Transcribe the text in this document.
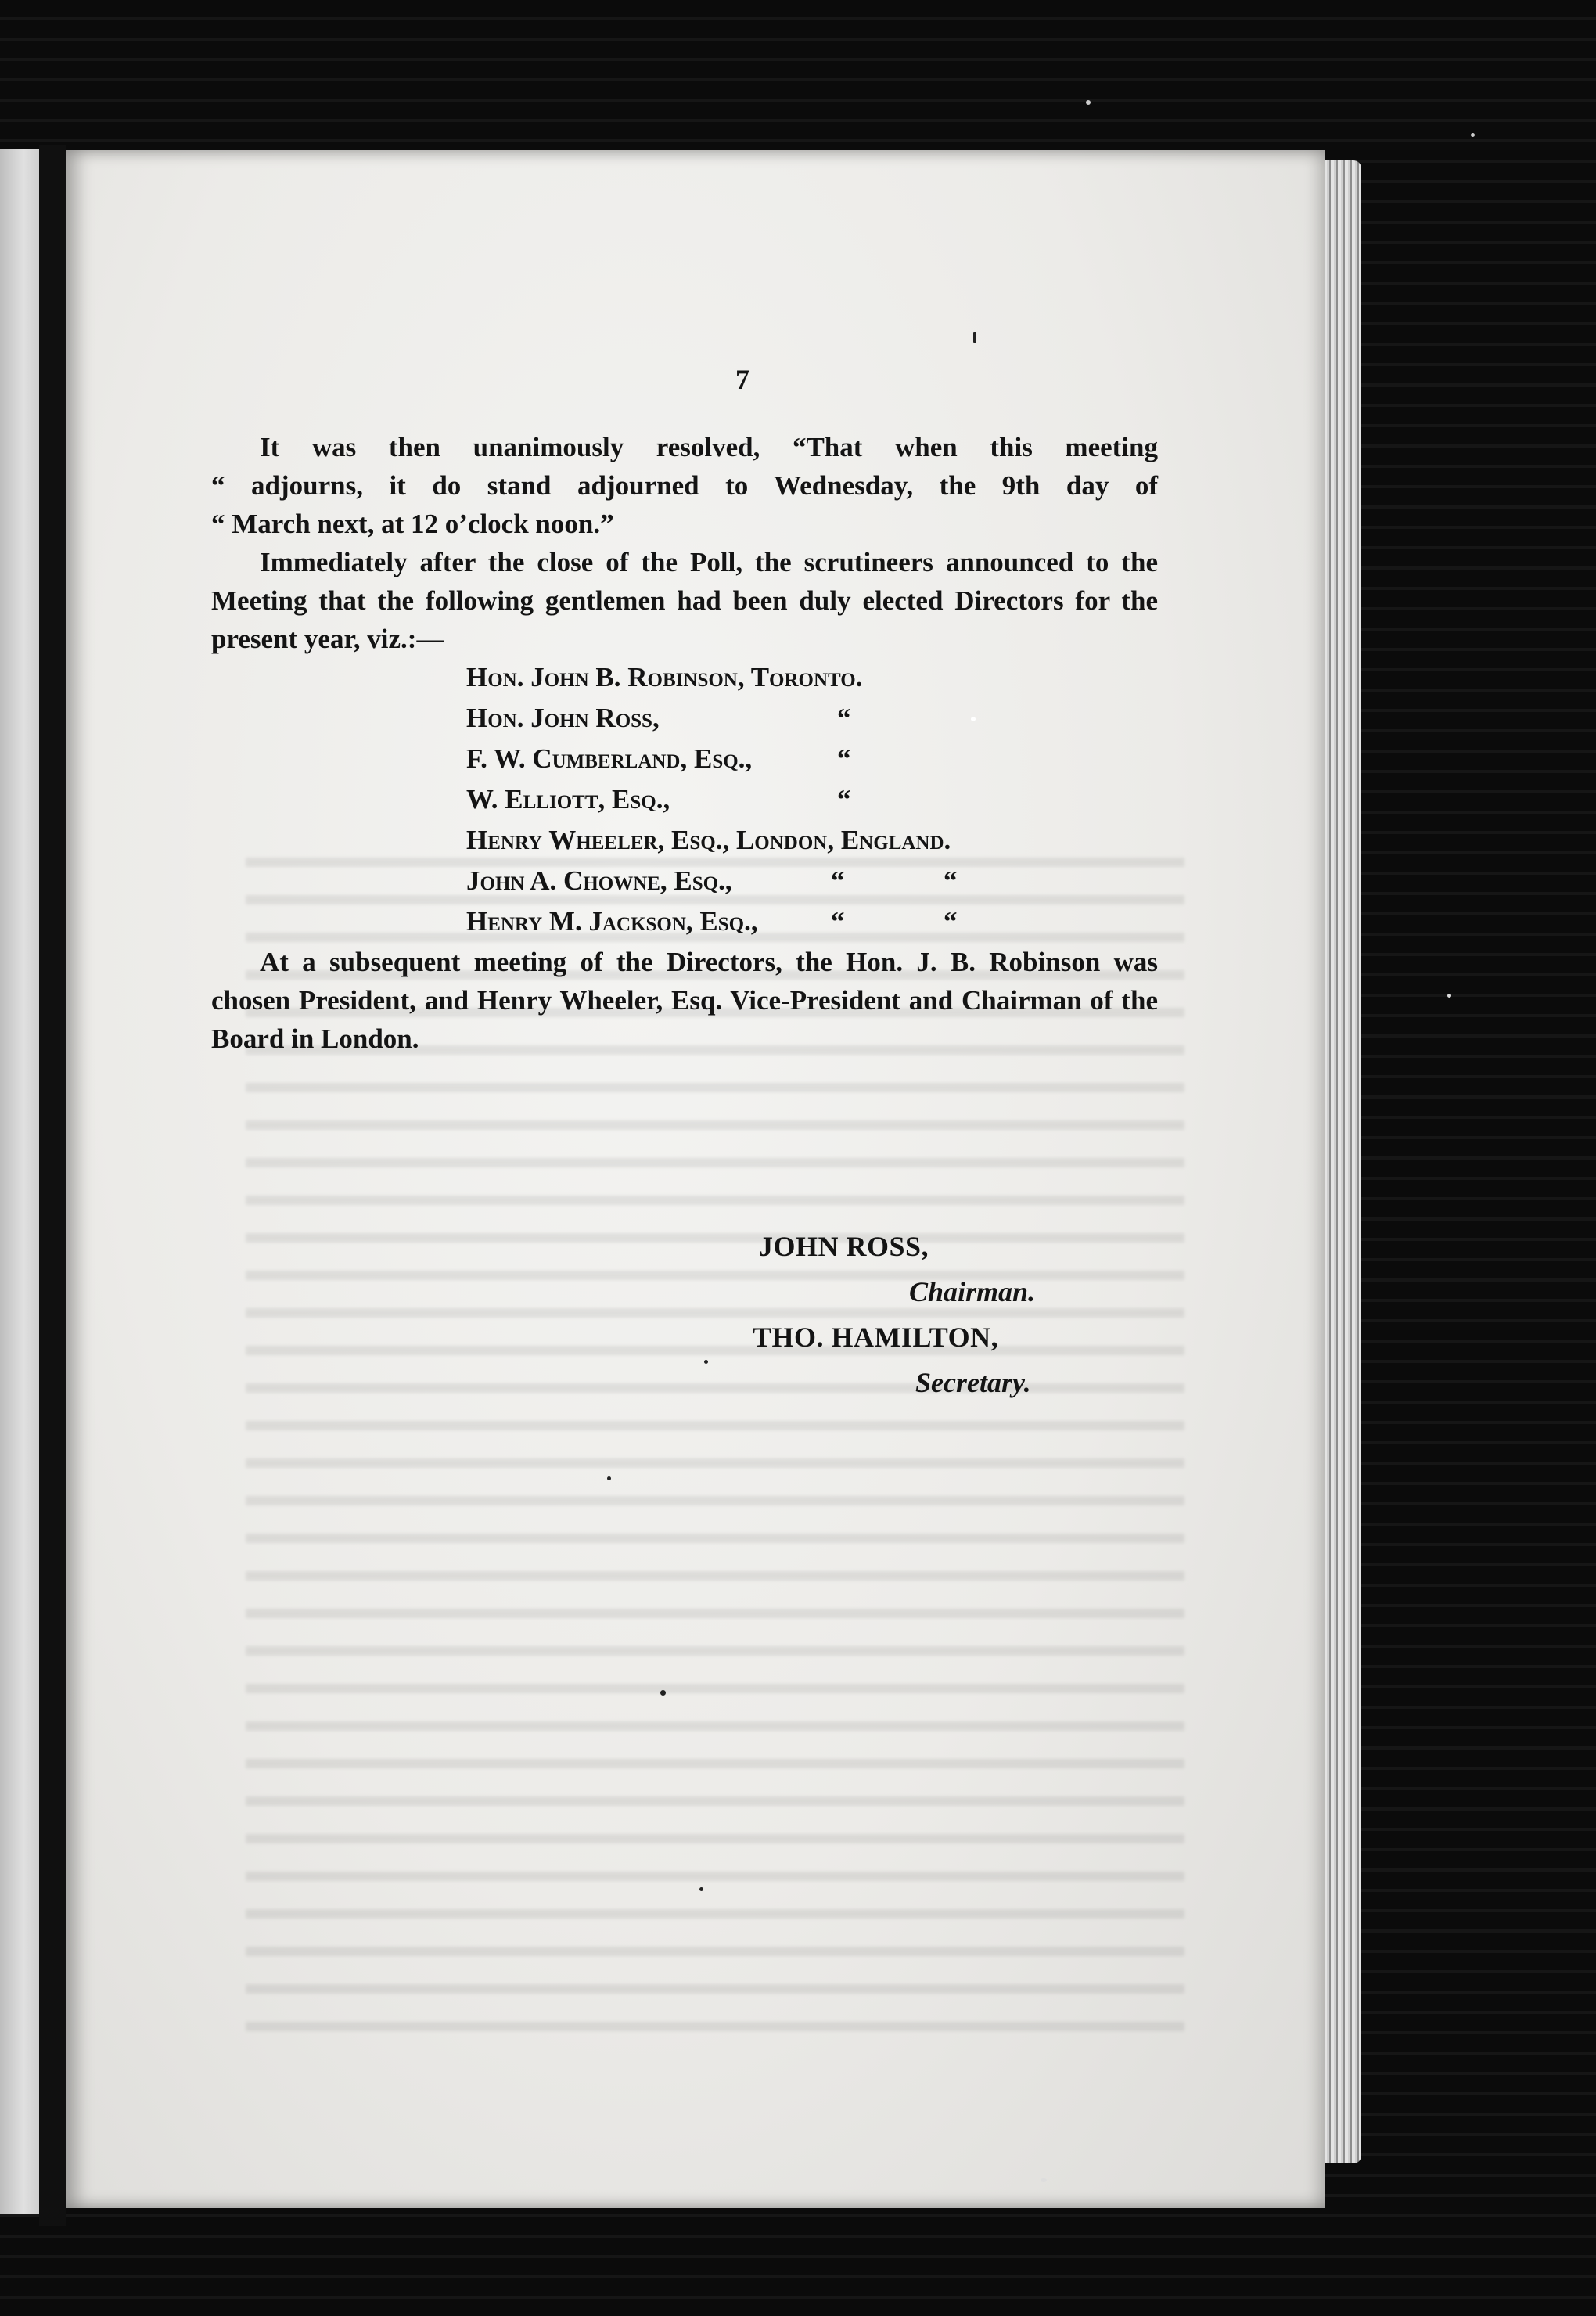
7

It was then unanimously resolved, “That when this meeting

“ adjourns, it do stand adjourned to Wednesday, the 9th day of

“ March next, at 12 o’clock noon.”

Immediately after the close of the Poll, the scrutineers announced to the Meeting that the following gentlemen had been duly elected Directors for the present year, viz.:—

Hon. John B. Robinson, Toronto.
Hon. John Ross,	“
F. W. Cumberland, Esq.,	“
W. Elliott, Esq.,	“
Henry Wheeler, Esq., London, England.
John A. Chowne, Esq.,	“	“
Henry M. Jackson, Esq.,	“	“

At a subsequent meeting of the Directors, the Hon. J. B. Robinson was chosen President, and Henry Wheeler, Esq. Vice-President and Chairman of the Board in London.

JOHN ROSS,
Chairman.
THO. HAMILTON,
Secretary.
